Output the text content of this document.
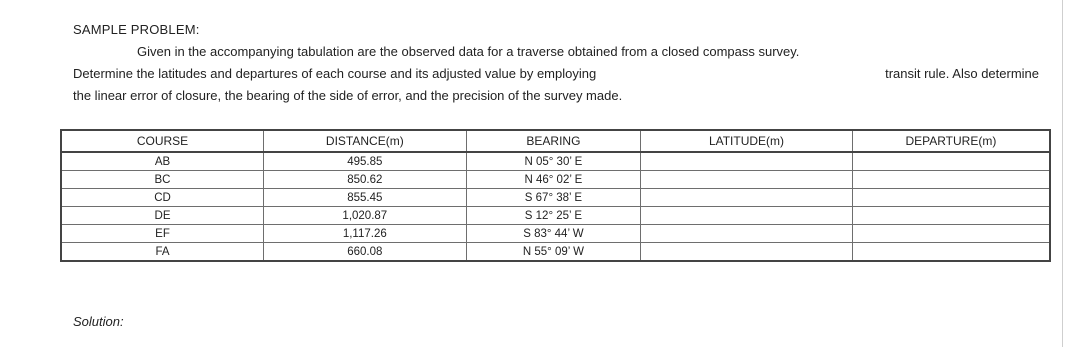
SAMPLE PROBLEM:
Given in the accompanying tabulation are the observed data for a traverse obtained from a closed compass survey.
Determine the latitudes and departures of each course and its adjusted value by employing	transit rule. Also determine
the linear error of closure, the bearing of the side of error, and the precision of the survey made.
COURSE	DISTANCE(m)	BEARING	LATITUDE(m)	DEPARTURE(m)
AB	495.85	N 05° 30’ E		
BC	850.62	N 46° 02’ E		
CD	855.45	S 67° 38’ E		
DE	1,020.87	S 12° 25’ E		
EF	1,117.26	S 83° 44’ W		
FA	660.08	N 55° 09’ W		
Solution:
